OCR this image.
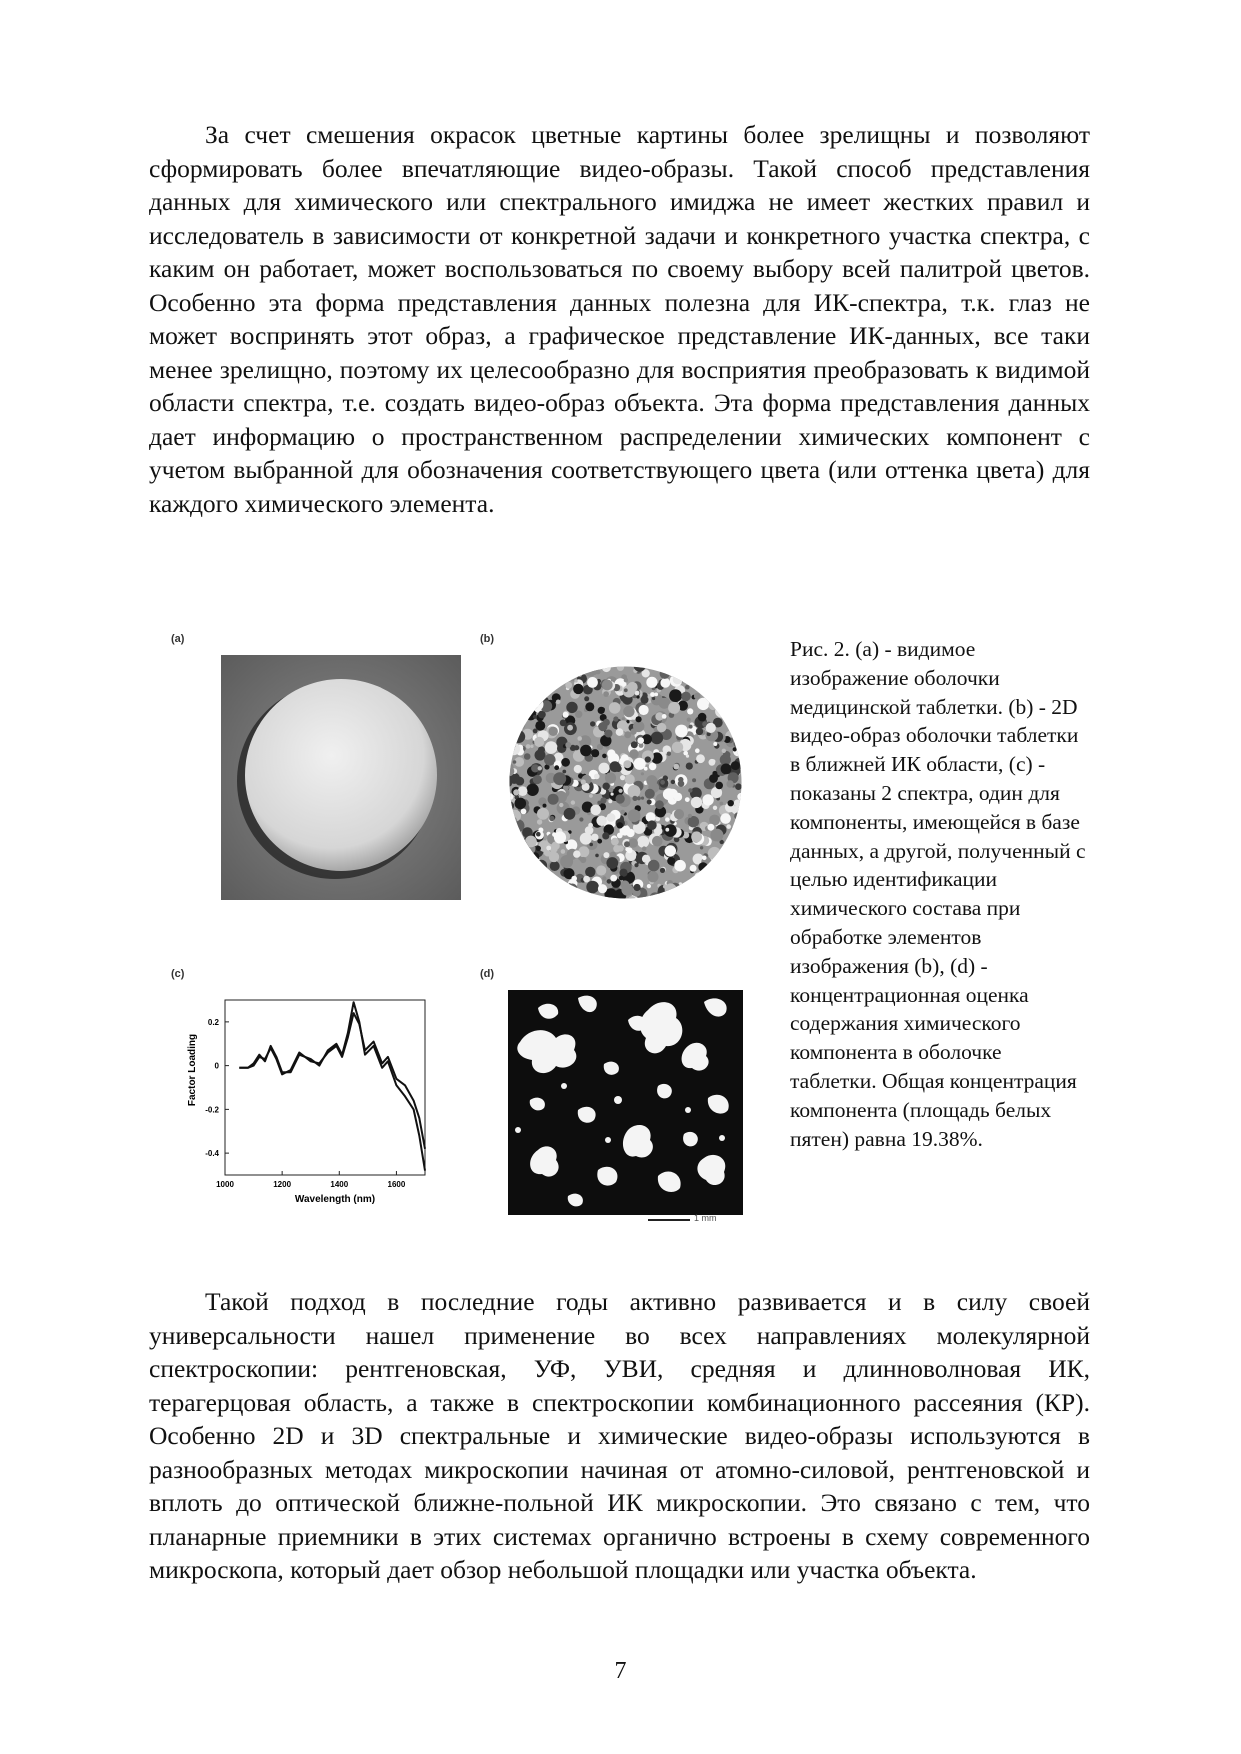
За счет смешения окрасок цветные картины более зрелищны и позволяют сформировать более впечатляющие видео-образы. Такой способ представления данных для химического или спектрального имиджа не имеет жестких правил и исследователь в зависимости от конкретной задачи и конкретного участка спектра, с каким он работает, может воспользоваться по своему выбору всей палитрой цветов. Особенно эта форма представления данных полезна для ИК-спектра, т.к. глаз не может воспринять этот образ, а графическое представление ИК-данных, все таки менее зрелищно, поэтому их целесообразно для восприятия преобразовать к видимой области спектра, т.е. создать видео-образ объекта. Эта форма представления данных дает информацию о пространственном распределении химических компонент с учетом выбранной для обозначения соответствующего цвета (или оттенка цвета) для каждого химического элемента.

(a)	(b)
(c)	(d)
Factor Loading
Wavelength (nm)
1000	1200	1400	1600
0.2
0
-0.2
-0.4
1 mm

Рис. 2. (a) - видимое изображение оболочки медицинской таблетки. (b) - 2D видео-образ оболочки таблетки в ближней ИК области, (c) - показаны 2 спектра, один для компоненты, имеющейся в базе данных, а другой, полученный с целью идентификации химического состава при обработке элементов изображения (b), (d) - концентрационная оценка содержания химического компонента в оболочке таблетки. Общая концентрация компонента (площадь белых пятен) равна 19.38%.

Такой подход в последние годы активно развивается и в силу своей универсальности нашел применение во всех направлениях молекулярной спектроскопии: рентгеновская, УФ, УВИ, средняя и длинноволновая ИК, терагерцовая область, а также в спектроскопии комбинационного рассеяния (КР). Особенно 2D и 3D спектральные и химические видео-образы используются в разнообразных методах микроскопии начиная от атомно-силовой, рентгеновской и вплоть до оптической ближне-польной ИК микроскопии. Это связано с тем, что планарные приемники в этих системах органично встроены в схему современного микроскопа, который дает обзор небольшой площадки или участка объекта.

7
